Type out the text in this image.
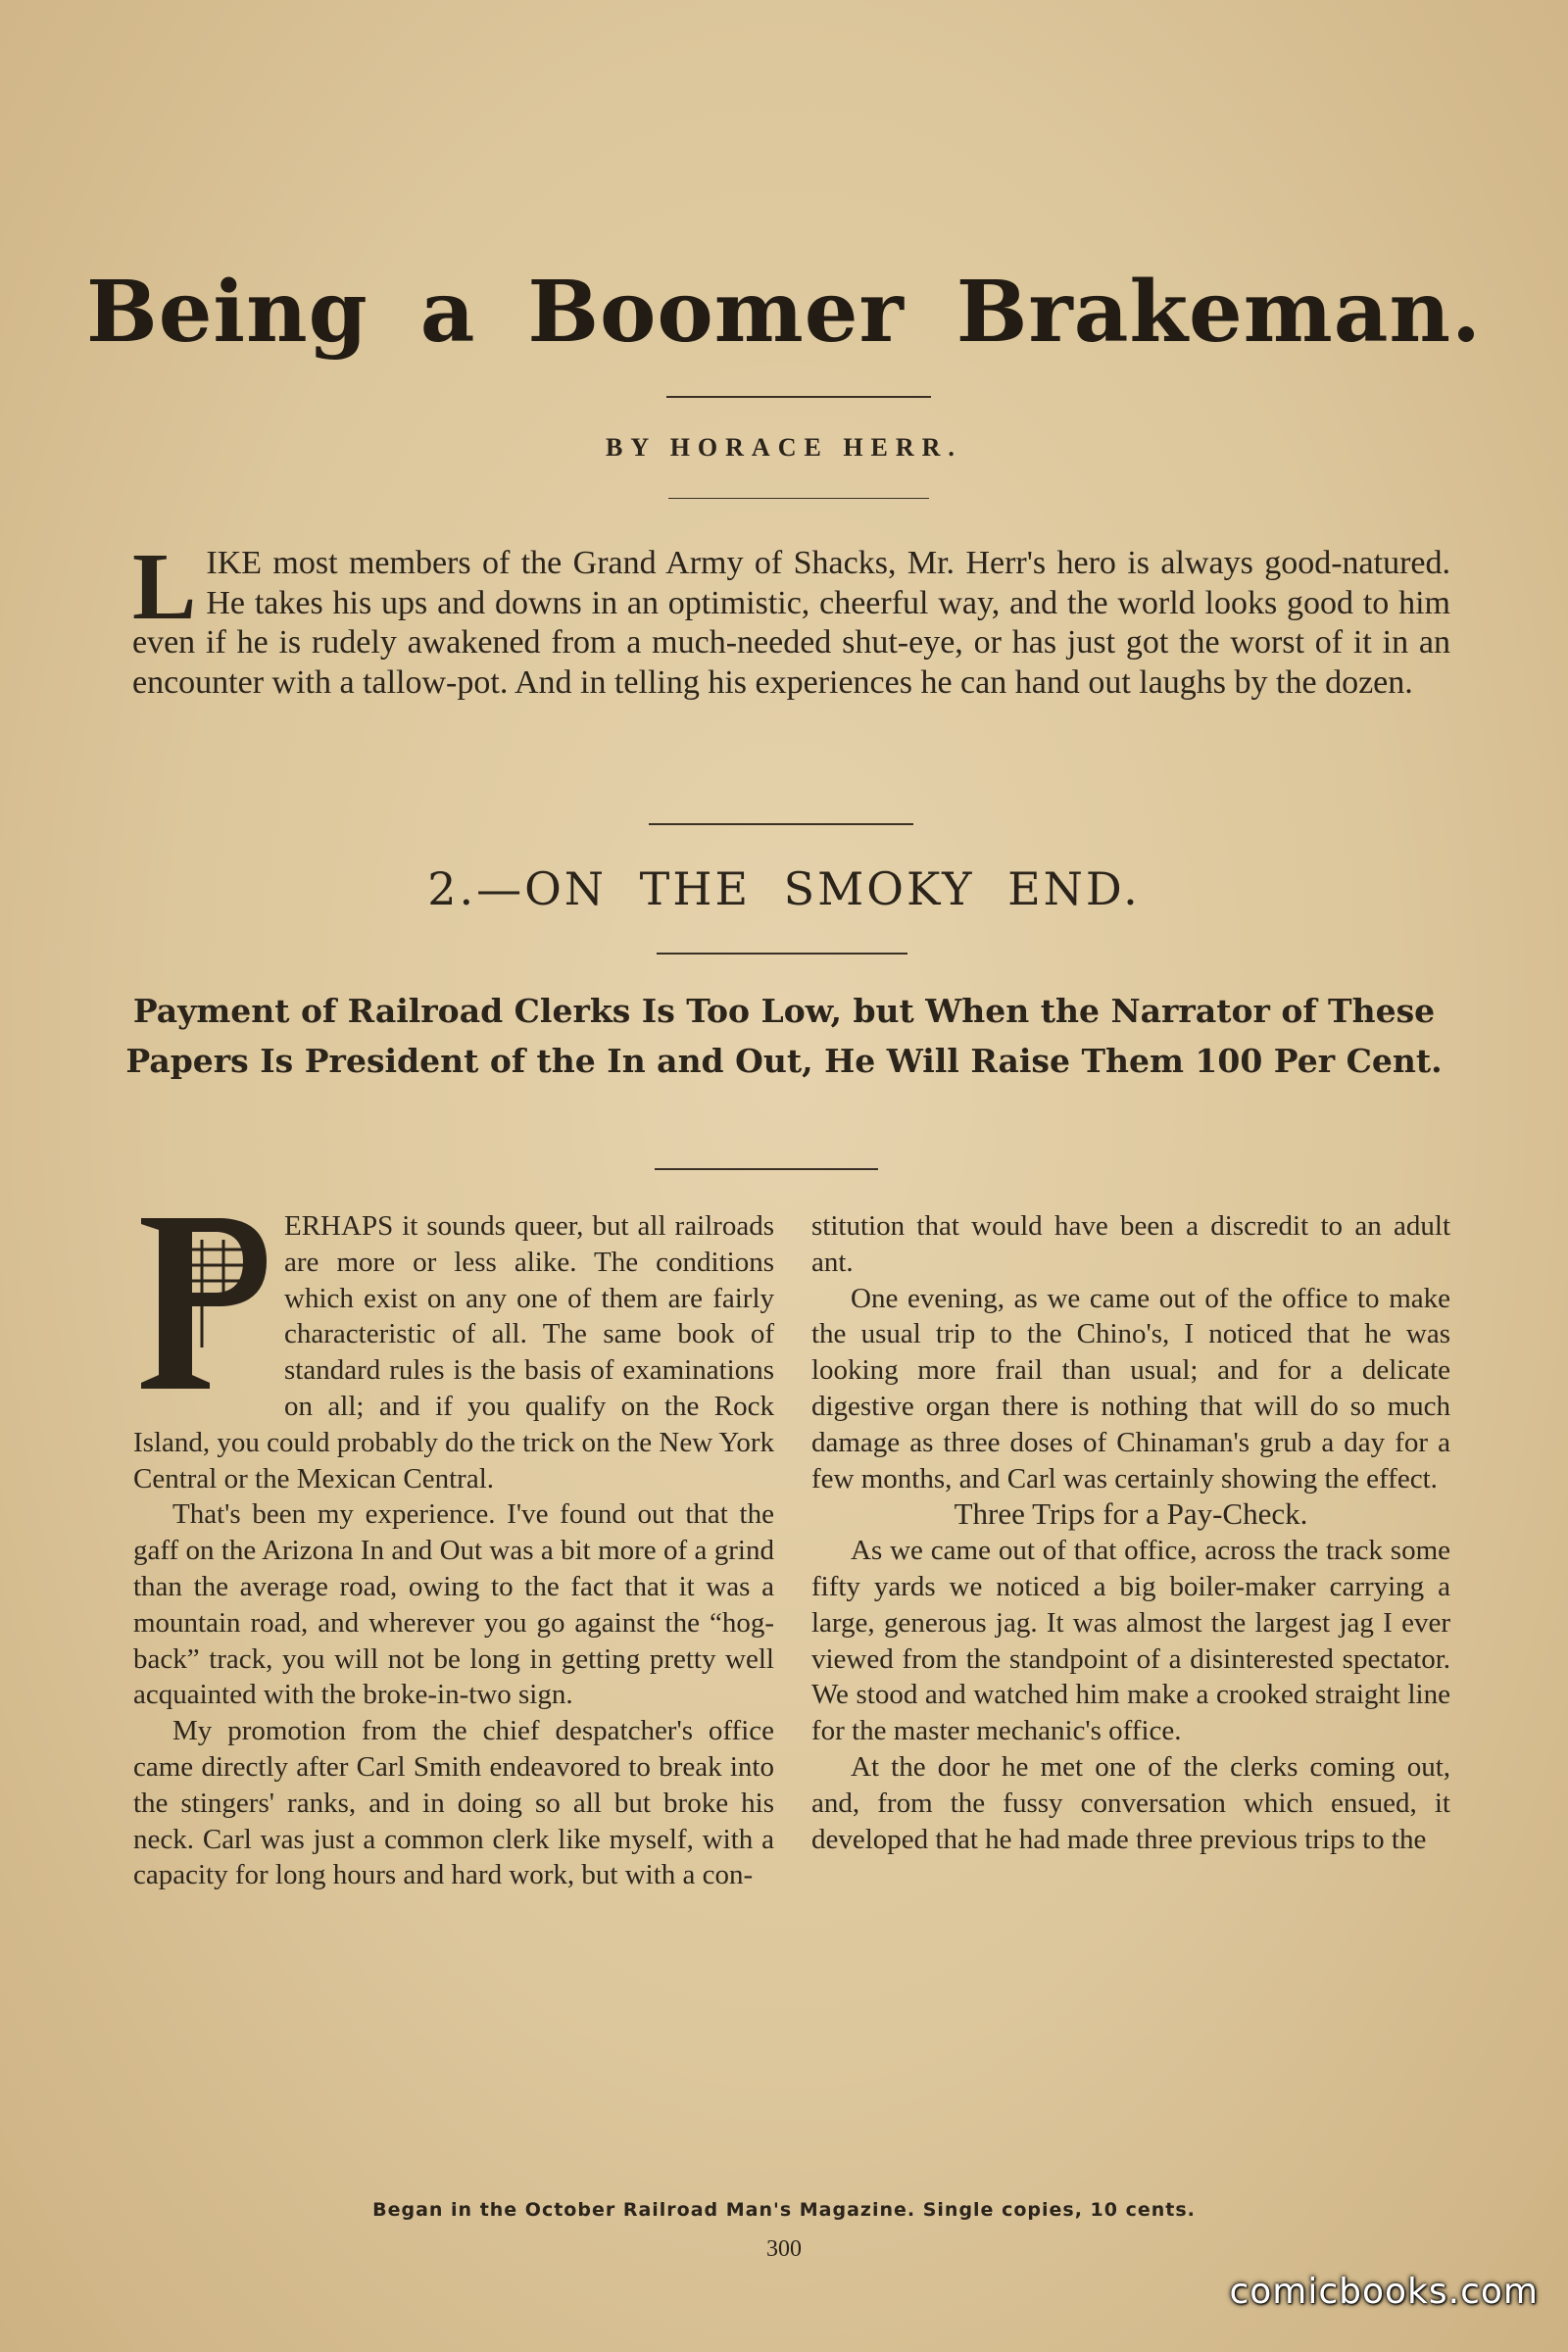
Being a Boomer Brakeman.
BY HORACE HERR.
LIKE most members of the Grand Army of Shacks, Mr. Herr's hero is always good-natured. He takes his ups and downs in an optimistic, cheerful way, and the world looks good to him even if he is rudely awakened from a much-needed shut-eye, or has just got the worst of it in an encounter with a tallow-pot. And in telling his experiences he can hand out laughs by the dozen.
2.—ON THE SMOKY END.
Payment of Railroad Clerks Is Too Low, but When the Narrator of These Papers Is President of the In and Out, He Will Raise Them 100 Per Cent.

P	ERHAPS it sounds queer, but all railroads are more or less alike. The conditions which exist on any one of them are fairly characteristic of all. The same book of standard rules is the basis of examinations on all; and if you qualify on the Rock Island, you could probably do the trick on the New York Central or the Mexican Central.

That's been my experience. I've found out that the gaff on the Arizona In and Out was a bit more of a grind than the average road, owing to the fact that it was a mountain road, and wherever you go against the “hog-back” track, you will not be long in getting pretty well acquainted with the broke-in-two sign.

My promotion from the chief despatcher's office came directly after Carl Smith endeavored to break into the stingers' ranks, and in doing so all but broke his neck. Carl was just a common clerk like myself, with a capacity for long hours and hard work, but with a con-

stitution that would have been a discredit to an adult ant.

One evening, as we came out of the office to make the usual trip to the Chino's, I noticed that he was looking more frail than usual; and for a delicate digestive organ there is nothing that will do so much damage as three doses of Chinaman's grub a day for a few months, and Carl was certainly showing the effect.

Three Trips for a Pay-Check.

As we came out of that office, across the track some fifty yards we noticed a big boiler-maker carrying a large, generous jag. It was almost the largest jag I ever viewed from the standpoint of a disinterested spectator. We stood and watched him make a crooked straight line for the master mechanic's office.

At the door he met one of the clerks coming out, and, from the fussy conversation which ensued, it developed that he had made three previous trips to the

Began in the October Railroad Man's Magazine. Single copies, 10 cents.
300
comicbooks.com
